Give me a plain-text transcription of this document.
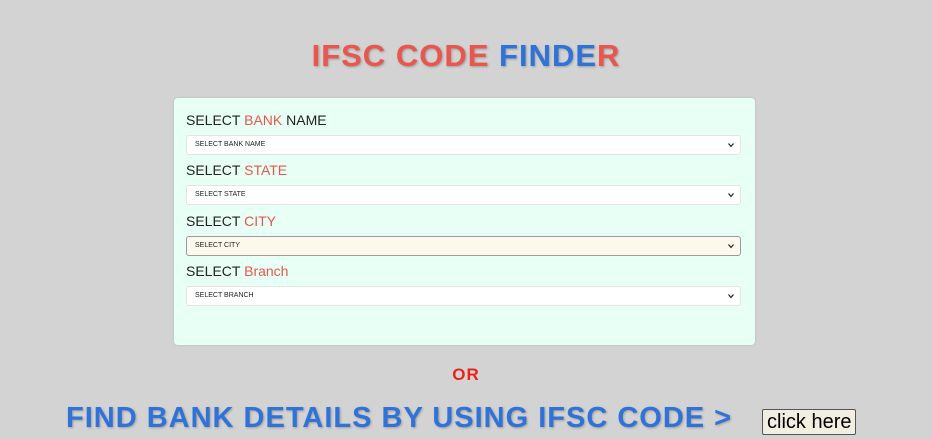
IFSC CODE FINDER
SELECT BANK NAME
SELECT BANK NAME
SELECT STATE
SELECT STATE
SELECT CITY
SELECT CITY
SELECT Branch
SELECT BRANCH
OR
FIND BANK DETAILS BY USING IFSC CODE > click here
